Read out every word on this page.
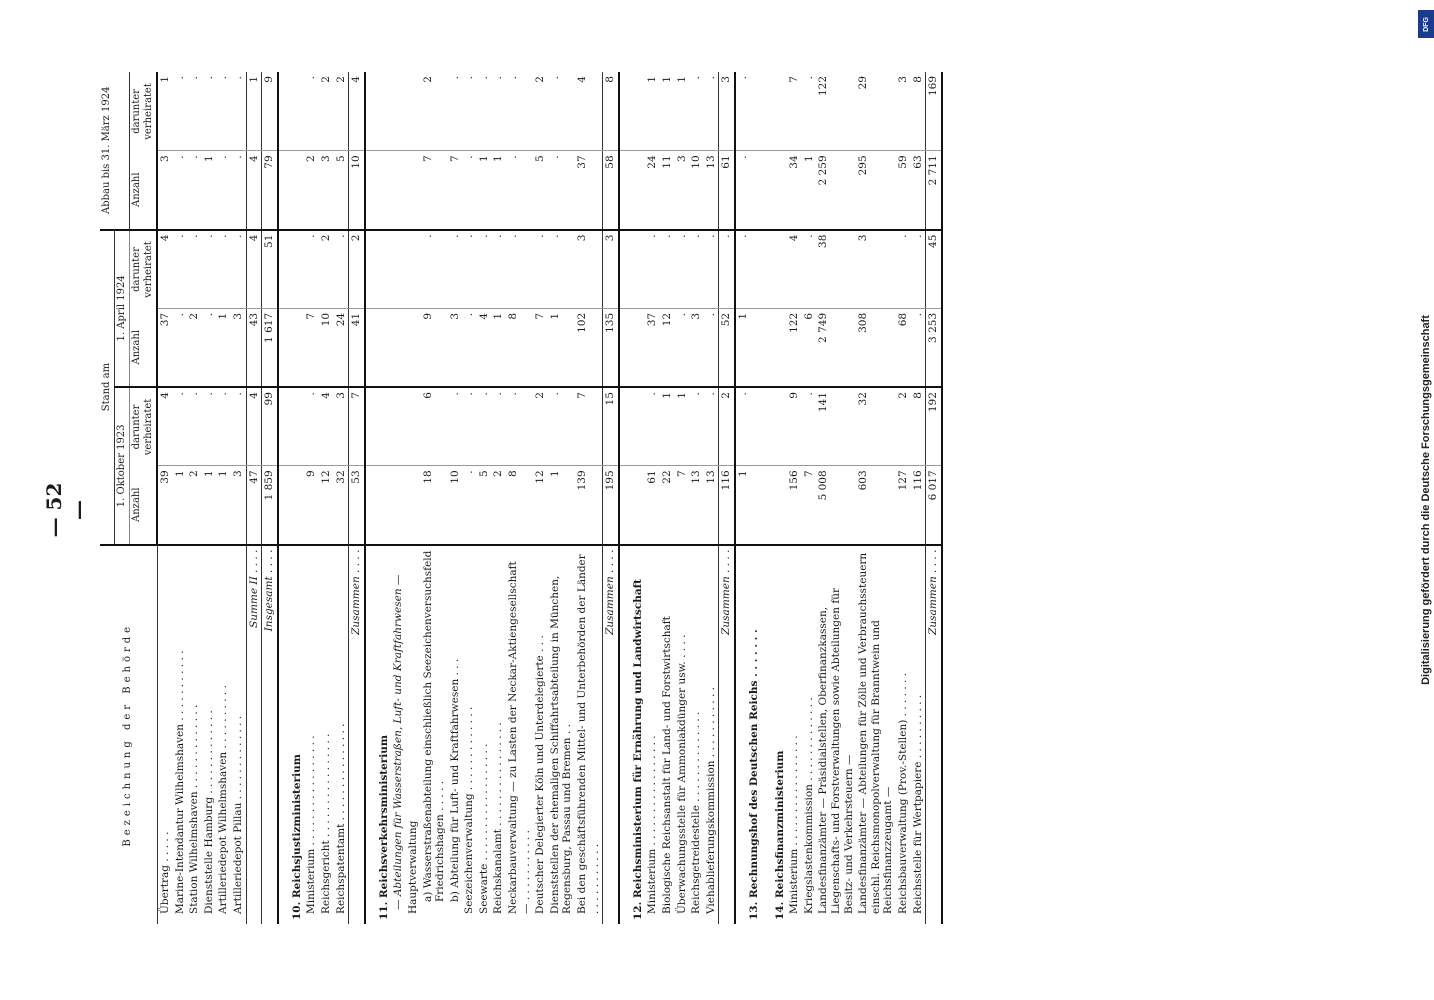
— 52 —
DFG
Digitalisierung gefördert durch die Deutsche Forschungsgemeinschaft
Bezeichnung der Behörde	Stand am				Abbau bis 31. März 1924	
	1. Oktober 1923		1. April 1924			
	Anzahl	darunter verheiratet	Anzahl	darunter verheiratet	Anzahl	darunter verheiratet
Übertrag . . . . .	39	4	37	4	3	1
Marine-Intendantur Wilhelmshaven . . . . . . . . . . .	1	.	.	.	.	.
Station Wilhelmshaven . . . . . . . . . . . . .	2	.	2	.	.	.
Dienststelle Hamburg . . . . . . . . . . . . .	1	.	.	.	1	.
Artilleriedepot Wilhelmshaven . . . . . . . . . .	1	.	1	.	.	.
Artilleriedepot Pillau . . . . . . . . . . . . .	3	.	3	.	.	.
Summe II . . . .	47	4	43	4	4	1
Insgesamt . . . .	1 859	99	1 617	51	79	9
10. Reichsjustizministerium						
Ministerium . . . . . . . . . . . . . . . . .	9	.	7	.	2	.
Reichsgericht . . . . . . . . . . . . . . . .	12	4	10	2	3	2
Reichspatentamt . . . . . . . . . . . . . . .	32	3	24	.	5	2
Zusammen . . . .	53	7	41	2	10	4
11. Reichsverkehrsministerium						
— Abteilungen für Wasserstraßen, Luft- und Kraftfahrwesen —						
Hauptverwaltung						
a) Wasserstraßenabteilung einschließlich Seezeichenversuchsfeld Friedrichshagen . . . . .	18	6	9	.	7	2
b) Abteilung für Luft- und Kraftfahrwesen . . .	10	.	3	.	7	.
Seezeichenverwaltung . . . . . . . . . . . . .	.	.	.	.	.	.
Seewarte . . . . . . . . . . . . . . . . . .	5	.	4	.	1	.
Reichskanalamt . . . . . . . . . . . . . . . .	2	.	1	.	1	.
Neckarbauverwaltung — zu Lasten der Neckar-Aktiengesellschaft — . . . . . . . . . . .	8	.	8	.	.	.
Deutscher Delegierter Köln und Unterdelegierte . . .	12	2	7	.	5	2
Dienststellen der ehemaligen Schiffahrtsabteilung in München, Regensburg, Passau und Bremen . .	1	.	1	.	.	.
Bei den geschäftsführenden Mittel- und Unterbehörden der Länder . . . . . . . . . . .	139	7	102	3	37	4
Zusammen . . . .	195	15	135	3	58	8
12. Reichsministerium für Ernährung und Landwirtschaft						
Ministerium . . . . . . . . . . . . . . . . .	61	.	37	.	24	1
Biologische Reichsanstalt für Land- und Forstwirtschaft	22	1	12	.	11	1
Überwachungsstelle für Ammoniakdünger usw. . . . .	7	1	.	.	3	1
Reichsgetreidestelle . . . . . . . . . . . . . .	13	.	3	.	10	.
Viehablieferungskommission . . . . . . . . . . .	13	.	.	.	13	.
Zusammen . . . .	116	2	52	.	61	3
13. Rechnungshof des Deutschen Reichs . . . . . . .	1	.	1	.	.	.
14. Reichsfinanzministerium						
Ministerium . . . . . . . . . . . . . . . . .	156	9	122	4	34	7
Kriegslastenkommission . . . . . . . . . . . . .	7	.	6	.	1	.
Landesfinanzämter — Präsidialstellen, Oberfinanzkassen, Liegenschafts- und Forstverwaltungen sowie Abteilungen für Besitz- und Verkehrsteuern —	5 008	141	2 749	38	2 259	122
Landesfinanzämter — Abteilungen für Zölle und Verbrauchssteuern einschl. Reichsmonopolverwaltung für Branntwein und Reichsfinanzzeugamt —	603	32	308	3	295	29
Reichsbauverwaltung (Prov.-Stellen) . . . . . . .	127	2	68	.	59	3
Reichsstelle für Wertpapiere . . . . . . . . . .	116	8	.	.	63	8
Zusammen . . . .	6 017	192	3 253	45	2 711	169
